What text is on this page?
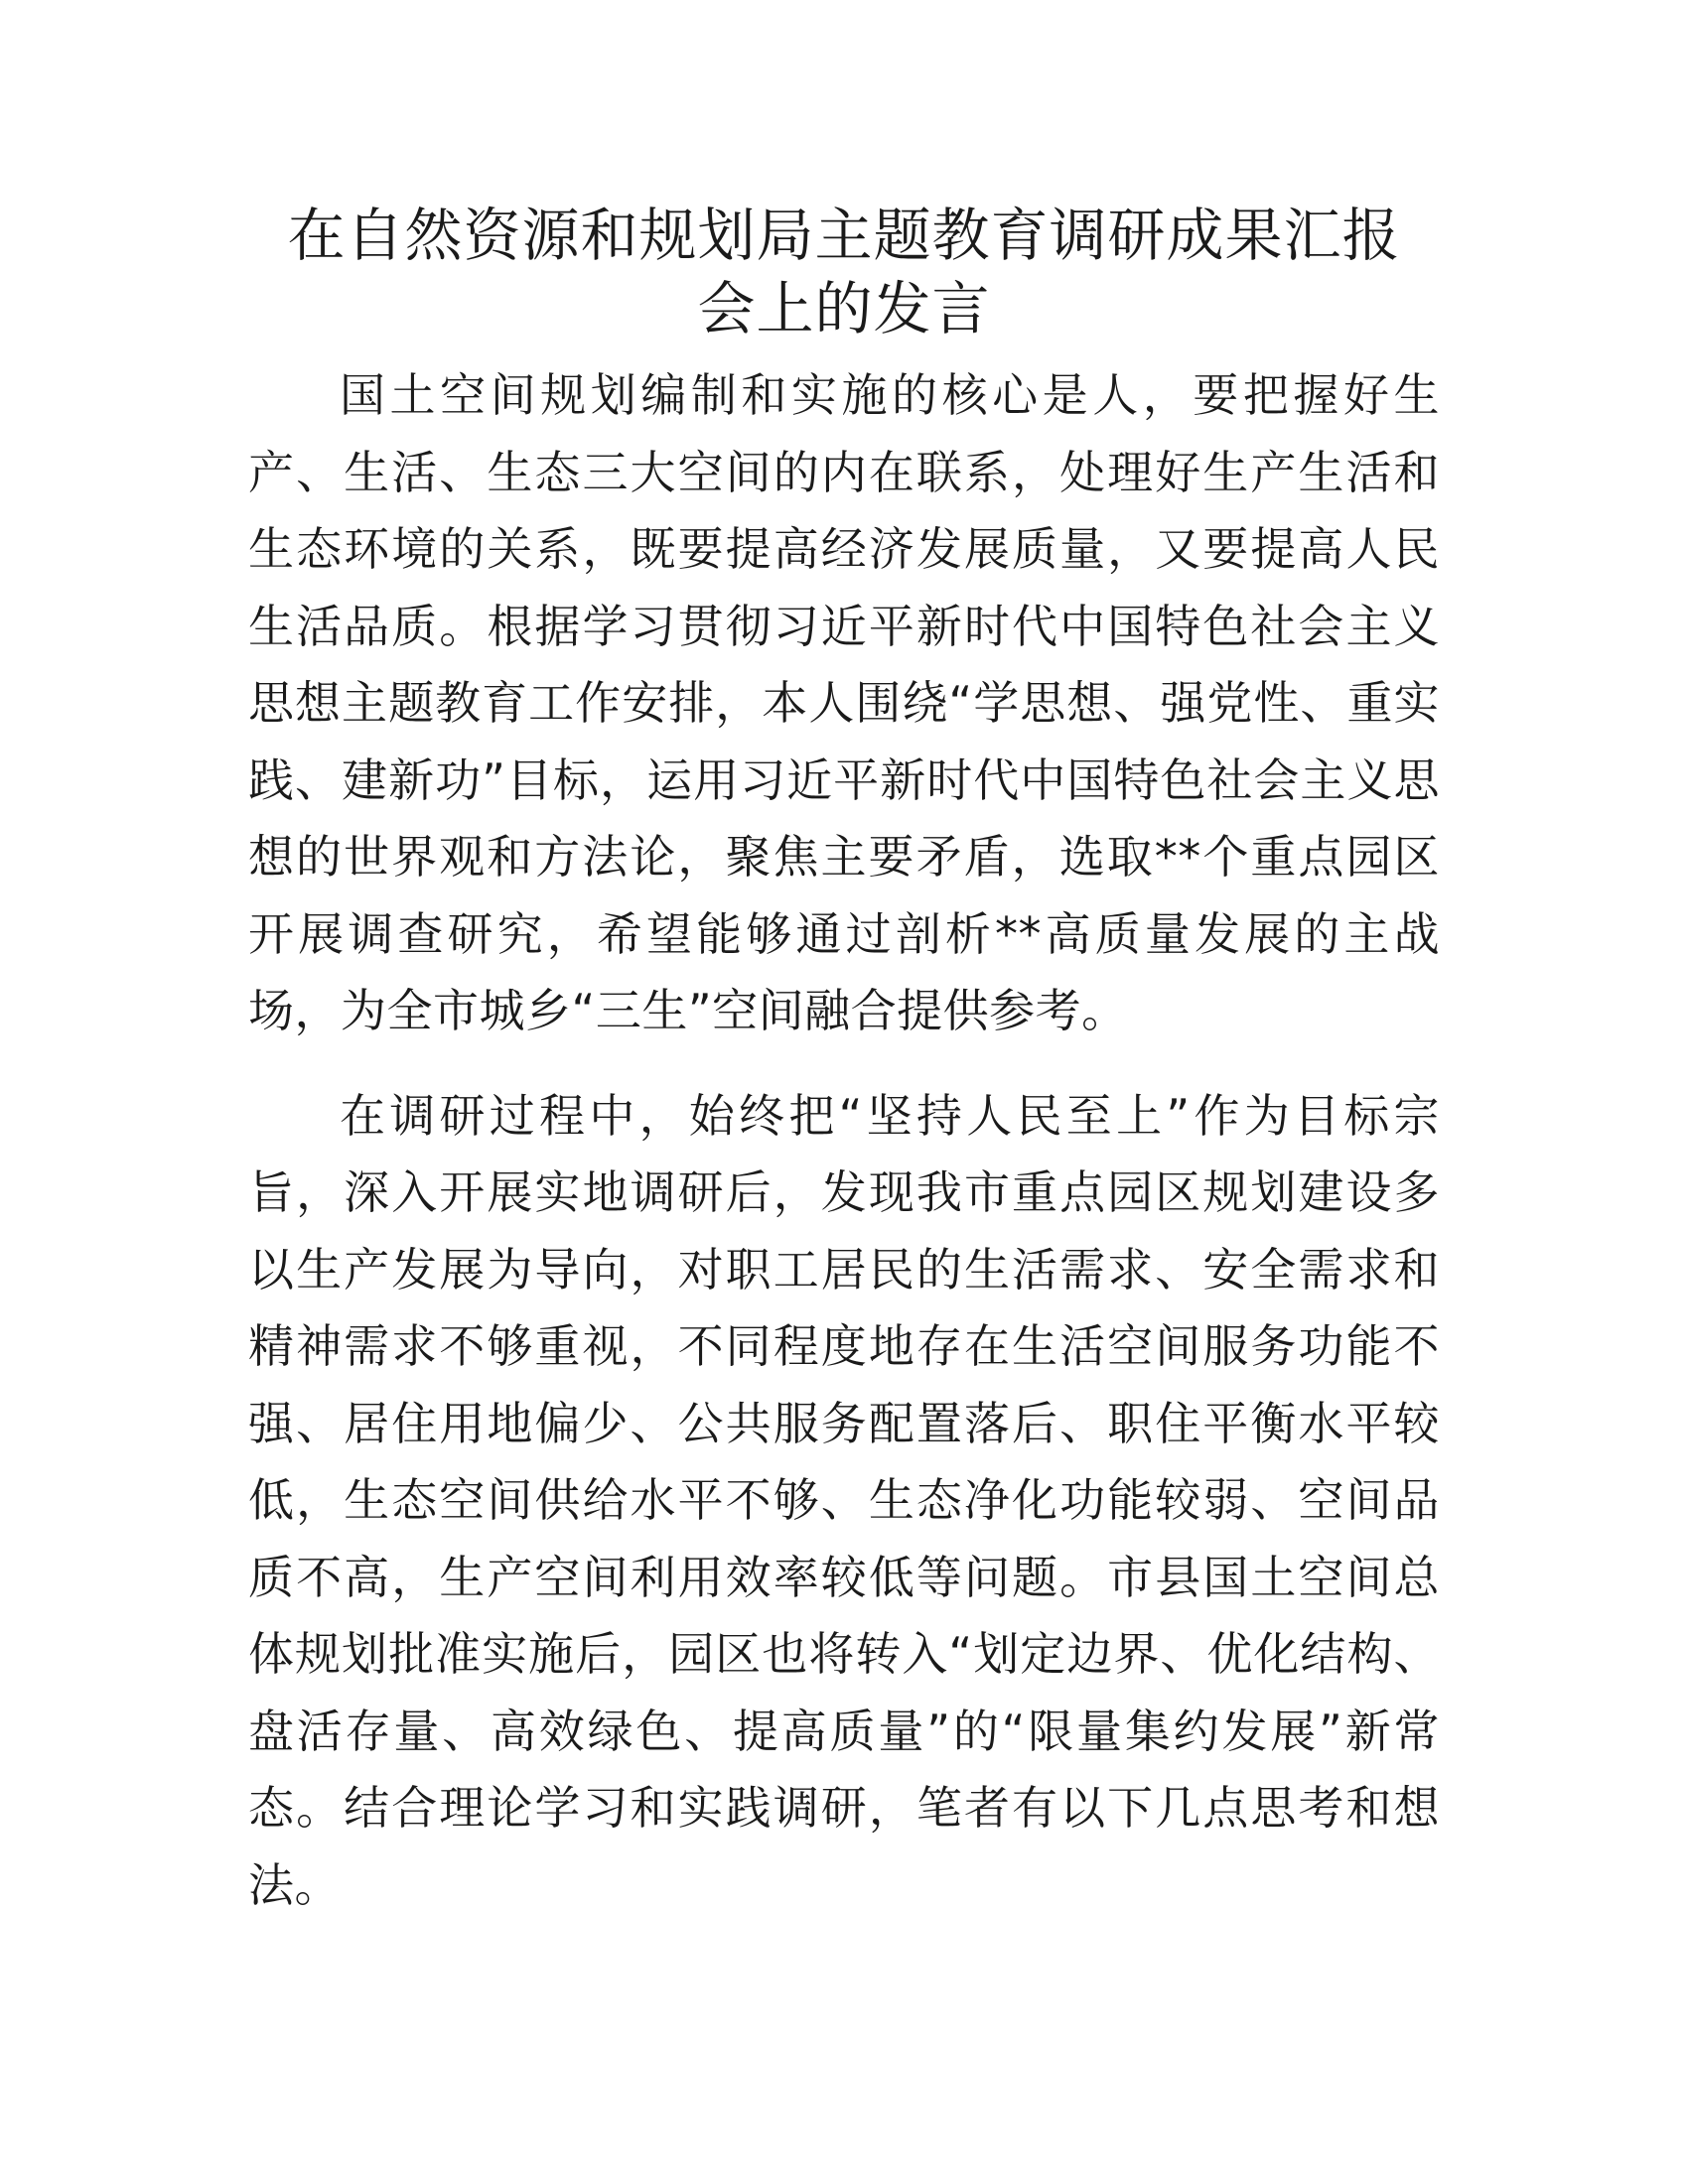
在自然资源和规划局主题教育调研成果汇报会上的发言

国土空间规划编制和实施的核心是人，要把握好生产、生活、生态三大空间的内在联系，处理好生产生活和生态环境的关系，既要提高经济发展质量，又要提高人民生活品质。根据学习贯彻习近平新时代中国特色社会主义思想主题教育工作安排，本人围绕“学思想、强党性、重实践、建新功”目标，运用习近平新时代中国特色社会主义思想的世界观和方法论，聚焦主要矛盾，选取**个重点园区开展调查研究，希望能够通过剖析**高质量发展的主战场，为全市城乡“三生”空间融合提供参考。

在调研过程中，始终把“坚持人民至上”作为目标宗旨，深入开展实地调研后，发现我市重点园区规划建设多以生产发展为导向，对职工居民的生活需求、安全需求和精神需求不够重视，不同程度地存在生活空间服务功能不强、居住用地偏少、公共服务配置落后、职住平衡水平较低，生态空间供给水平不够、生态净化功能较弱、空间品质不高，生产空间利用效率较低等问题。市县国土空间总体规划批准实施后，园区也将转入“划定边界、优化结构、盘活存量、高效绿色、提高质量”的“限量集约发展”新常态。结合理论学习和实践调研，笔者有以下几点思考和想法。
